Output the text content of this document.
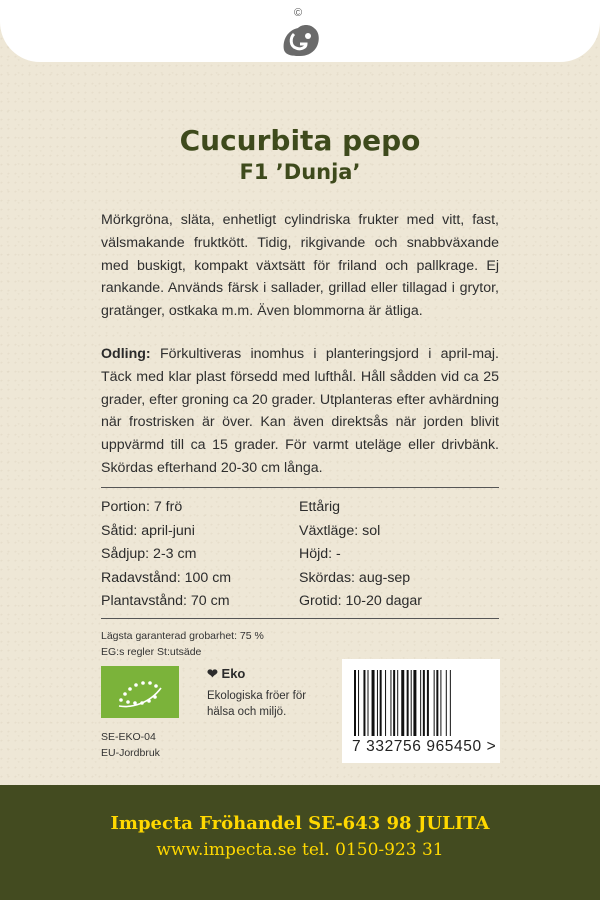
©
Cucurbita pepo
F1 ’Dunja’
Mörkgröna, släta, enhetligt cylindriska frukter med vitt, fast, välsmakande fruktkött. Tidig, rikgivande och snabbväxande med buskigt, kompakt växtsätt för friland och pallkrage. Ej rankande. Används färsk i sallader, grillad eller tillagad i grytor, gratänger, ostkaka m.m. Även blommorna är ätliga.
Odling: Förkultiveras inomhus i planteringsjord i april-maj. Täck med klar plast försedd med lufthål. Håll sådden vid ca 25 grader, efter groning ca 20 grader. Utplanteras efter avhärdning när frostrisken är över. Kan även direktsås när jorden blivit uppvärmd till ca 15 grader. För varmt uteläge eller drivbänk. Skördas efterhand 20-30 cm långa.
Portion: 7 frö
Såtid: april-juni
Sådjup: 2-3 cm
Radavstånd: 100 cm
Plantavstånd: 70 cm
Ettårig
Växtläge: sol
Höjd: -
Skördas: aug-sep
Grotid: 10-20 dagar
Lägsta garanterad grobarhet: 75 %
EG:s regler St:utsäde
❤ Eko
Ekologiska fröer för
hälsa och miljö.
SE-EKO-04
EU-Jordbruk	7 332756 965450 >
Impecta Fröhandel SE-643 98 JULITA
www.impecta.se tel. 0150-923 31
